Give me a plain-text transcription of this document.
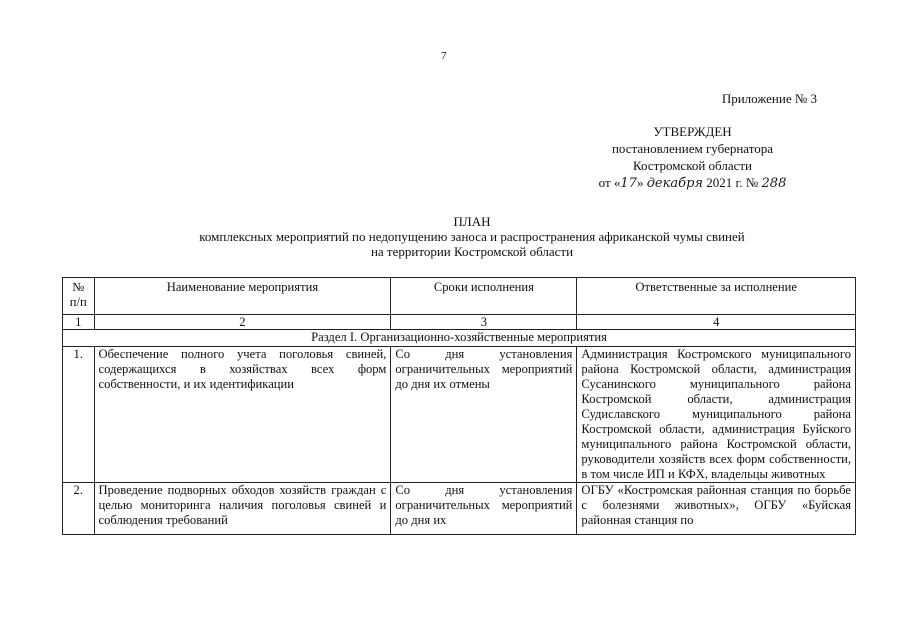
7
Приложение № 3
УТВЕРЖДЕН
постановлением губернатора
Костромской области
от «17» декабря 2021 г. № 288
ПЛАН
комплексных мероприятий по недопущению заноса и распространения африканской чумы свиней
на территории Костромской области
№ п/п	Наименование мероприятия	Сроки исполнения	Ответственные за исполнение
1	2	3	4
Раздел I. Организационно-хозяйственные мероприятия			
1.	Обеспечение полного учета поголовья свиней, содержащихся в хозяйствах всех форм собственности, и их идентификации	Со дня установления ограничительных мероприятий до дня их отмены	Администрация Костромского муниципального района Костромской области, администрация Сусанинского муниципального района Костромской области, администрация Судиславского муниципального района Костромской области, администрация Буйского муниципального района Костромской области, руководители хозяйств всех форм собственности, в том числе ИП и КФХ, владельцы животных
2.	Проведение подворных обходов хозяйств граждан с целью мониторинга наличия поголовья свиней и соблюдения требований	Со дня установления ограничительных мероприятий до дня их	ОГБУ «Костромская районная станция по борьбе с болезнями животных», ОГБУ «Буйская районная станция по
